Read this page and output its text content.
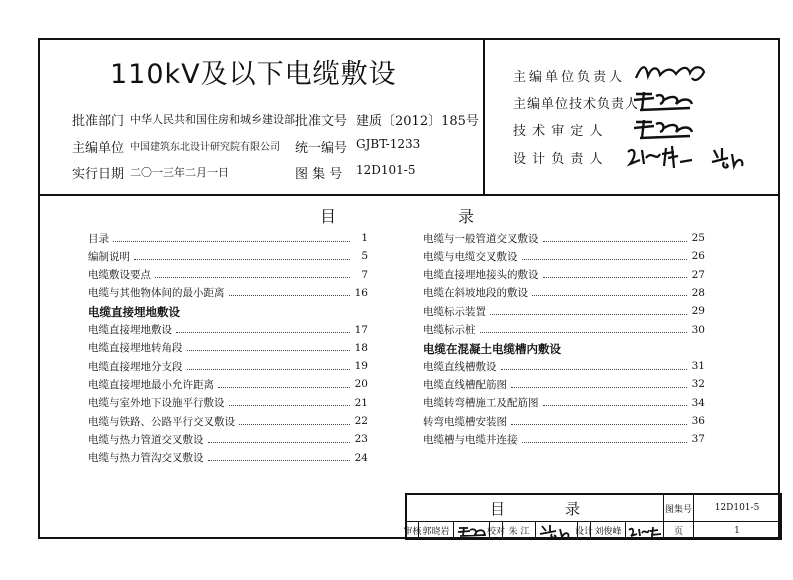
110kV及以下电缆敷设
批准部门 中华人民共和国住房和城乡建设部 批准文号 建质〔2012〕185号
主编单位 中国建筑东北设计研究院有限公司 统一编号 GJBT-1233
实行日期 二〇一三年二月一日	图 集 号 12D101-5
主编单位负责人
主编单位技术负责人
技 术 审 定 人
设 计 负 责 人
目	录
目录	1
编制说明	5
电缆敷设要点	7
电缆与其他物体间的最小距离	16
电缆直接埋地敷设
电缆直接埋地敷设	17
电缆直接埋地转角段	18
电缆直接埋地分支段	19
电缆直接埋地最小允许距离	20
电缆与室外地下设施平行敷设	21
电缆与铁路、公路平行交叉敷设	22
电缆与热力管道交叉敷设	23
电缆与热力管沟交叉敷设	24
电缆与一般管道交叉敷设	25
电缆与电缆交叉敷设	26
电缆直接埋地接头的敷设	27
电缆在斜坡地段的敷设	28
电缆标示装置	29
电缆标示桩	30
电缆在混凝土电缆槽内敷设
电缆直线槽敷设	31
电缆直线槽配筋图	32
电缆转弯槽施工及配筋图	34
转弯电缆槽安装图	36
电缆槽与电缆井连接	37
目	录	图集号	12D101-5
审核 郭晓岩	校对 朱 江	设计 刘俊峰	页	1
